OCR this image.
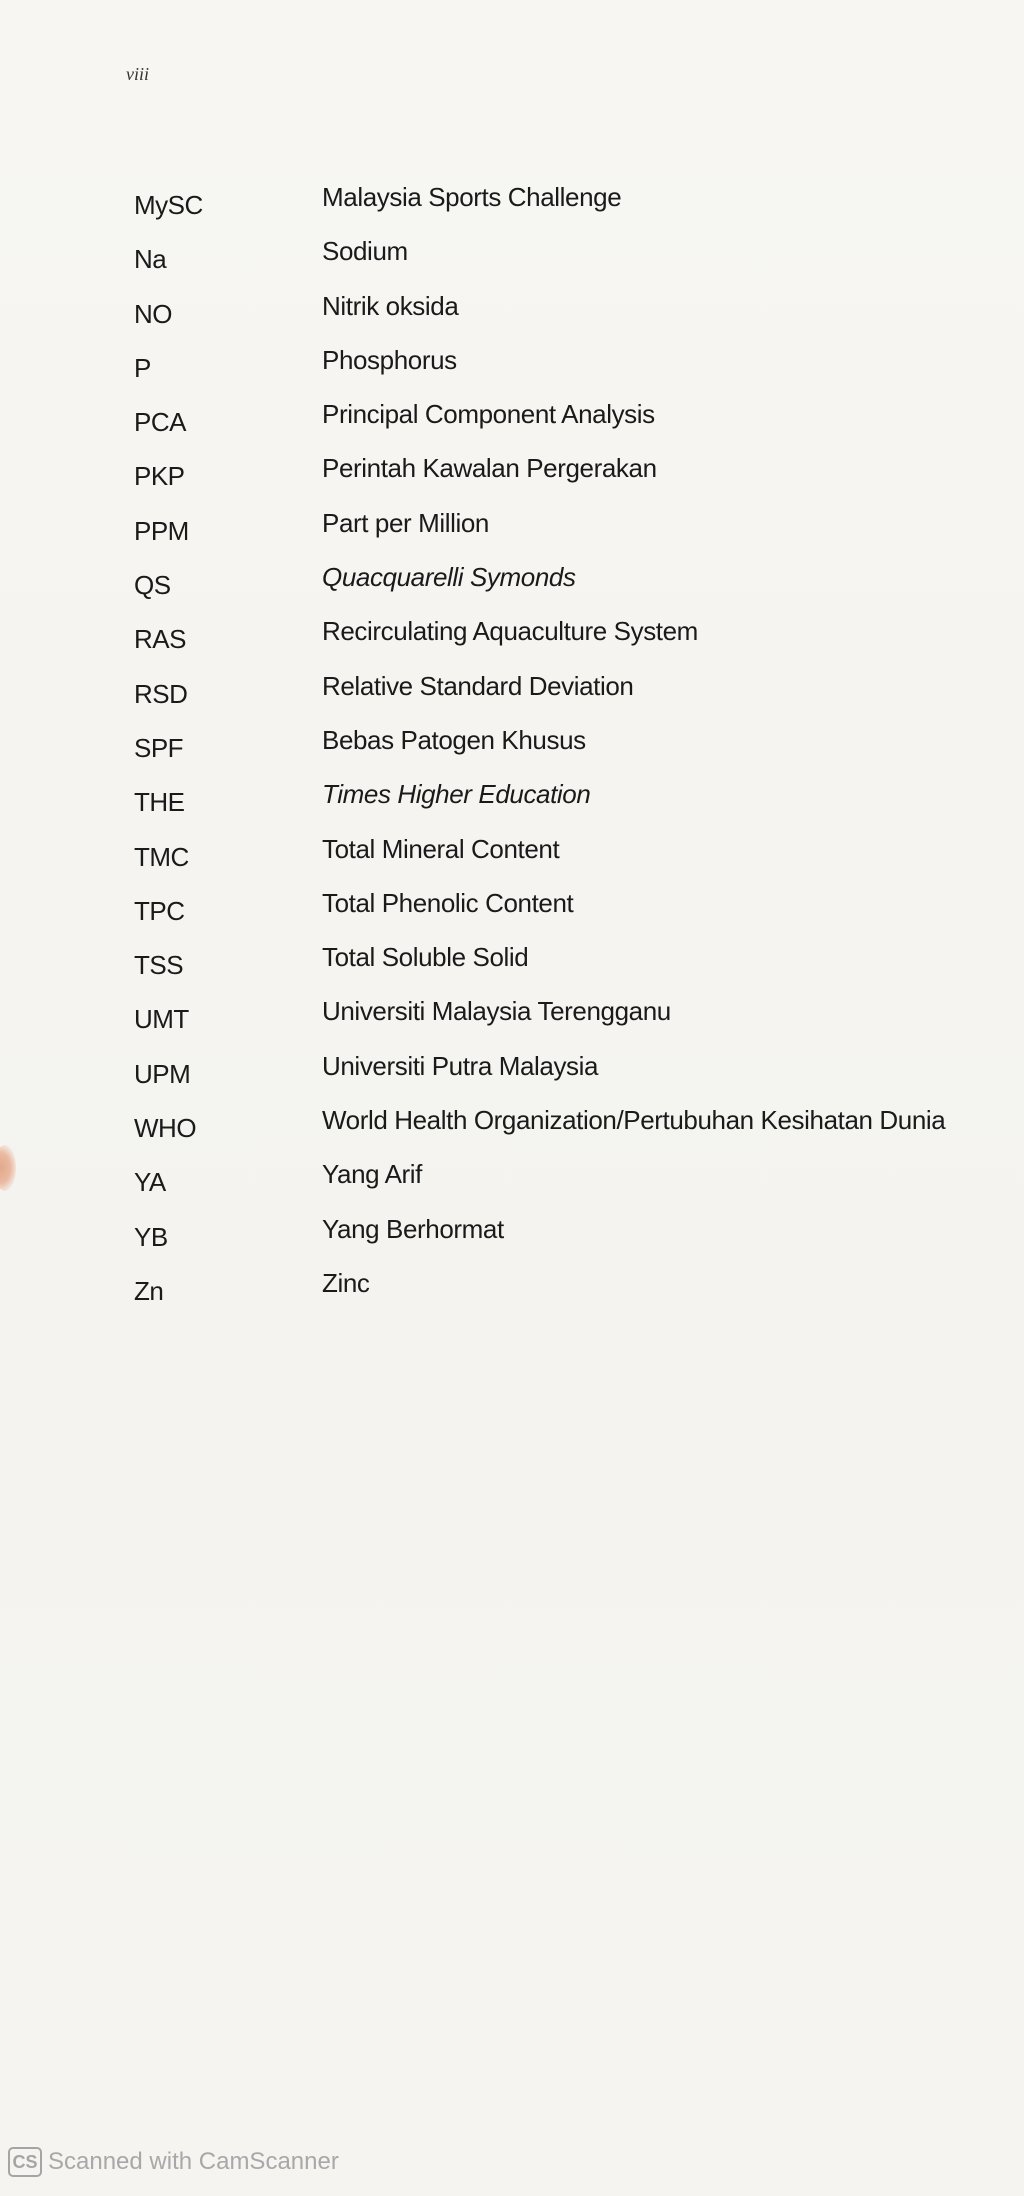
viii
MySC	Malaysia Sports Challenge
Na	Sodium
NO	Nitrik oksida
P	Phosphorus
PCA	Principal Component Analysis
PKP	Perintah Kawalan Pergerakan
PPM	Part per Million
QS	Quacquarelli Symonds
RAS	Recirculating Aquaculture System
RSD	Relative Standard Deviation
SPF	Bebas Patogen Khusus
THE	Times Higher Education
TMC	Total Mineral Content
TPC	Total Phenolic Content
TSS	Total Soluble Solid
UMT	Universiti Malaysia Terengganu
UPM	Universiti Putra Malaysia
WHO	World Health Organization/Pertubuhan Kesihatan Dunia
YA	Yang Arif
YB	Yang Berhormat
Zn	Zinc
CS Scanned with CamScanner
